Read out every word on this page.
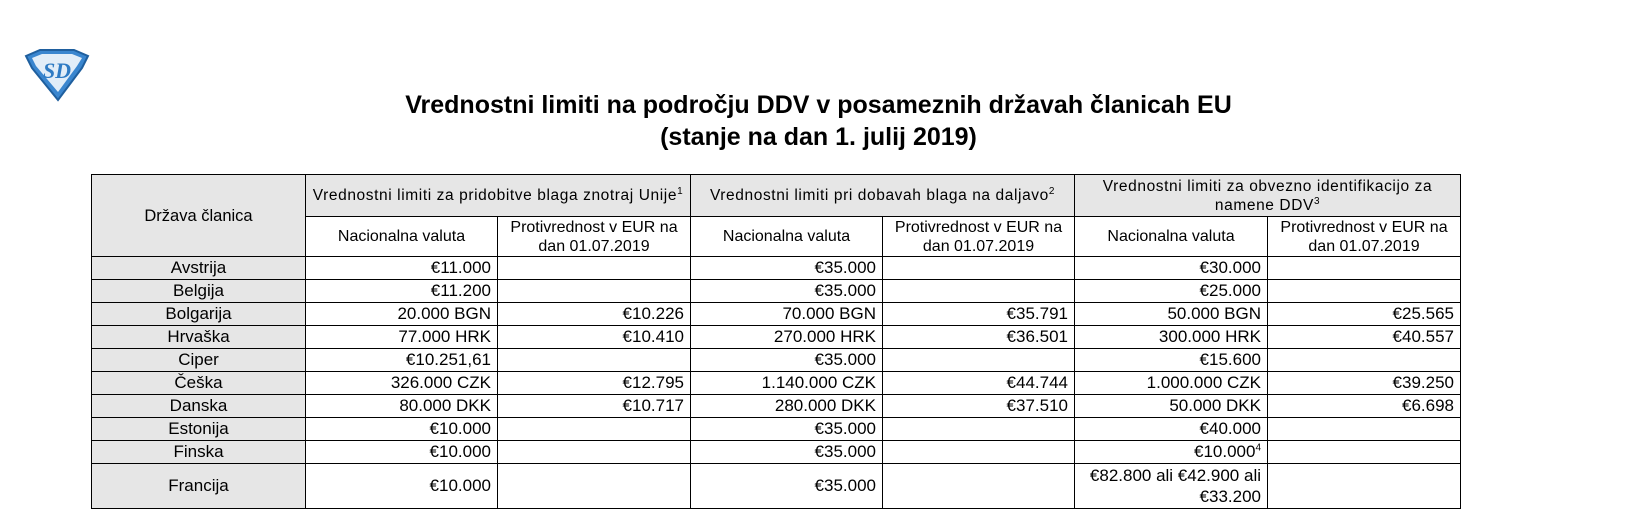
SD
Vrednostni limiti na področju DDV v posameznih državah članicah EU
(stanje na dan 1. julij 2019)
Država članica	Vrednostni limiti za pridobitve blaga znotraj Unije$^1$		Vrednostni limiti pri dobavah blaga na daljavo$^2$		Vrednostni limiti za obvezno identifikacijo za namene DDV$^3$
	Nacionalna valuta	Protivrednost v EUR na dan 01.07.2019	Nacionalna valuta	Protivrednost v EUR na dan 01.07.2019	Nacionalna valuta	Protivrednost v EUR na dan 01.07.2019
Avstrija	€11.000		€35.000		€30.000	
Belgija	€11.200		€35.000		€25.000	
Bolgarija	20.000 BGN	€10.226	70.000 BGN	€35.791	50.000 BGN	€25.565
Hrvaška	77.000 HRK	€10.410	270.000 HRK	€36.501	300.000 HRK	€40.557
Ciper	€10.251,61		€35.000		€15.600	
Češka	326.000 CZK	€12.795	1.140.000 CZK	€44.744	1.000.000 CZK	€39.250
Danska	80.000 DKK	€10.717	280.000 DKK	€37.510	50.000 DKK	€6.698
Estonija	€10.000		€35.000		€40.000	
Finska	€10.000		€35.000		€10.000$^4$	
Francija	€10.000		€35.000		€82.800 ali €42.900 ali €33.200	
